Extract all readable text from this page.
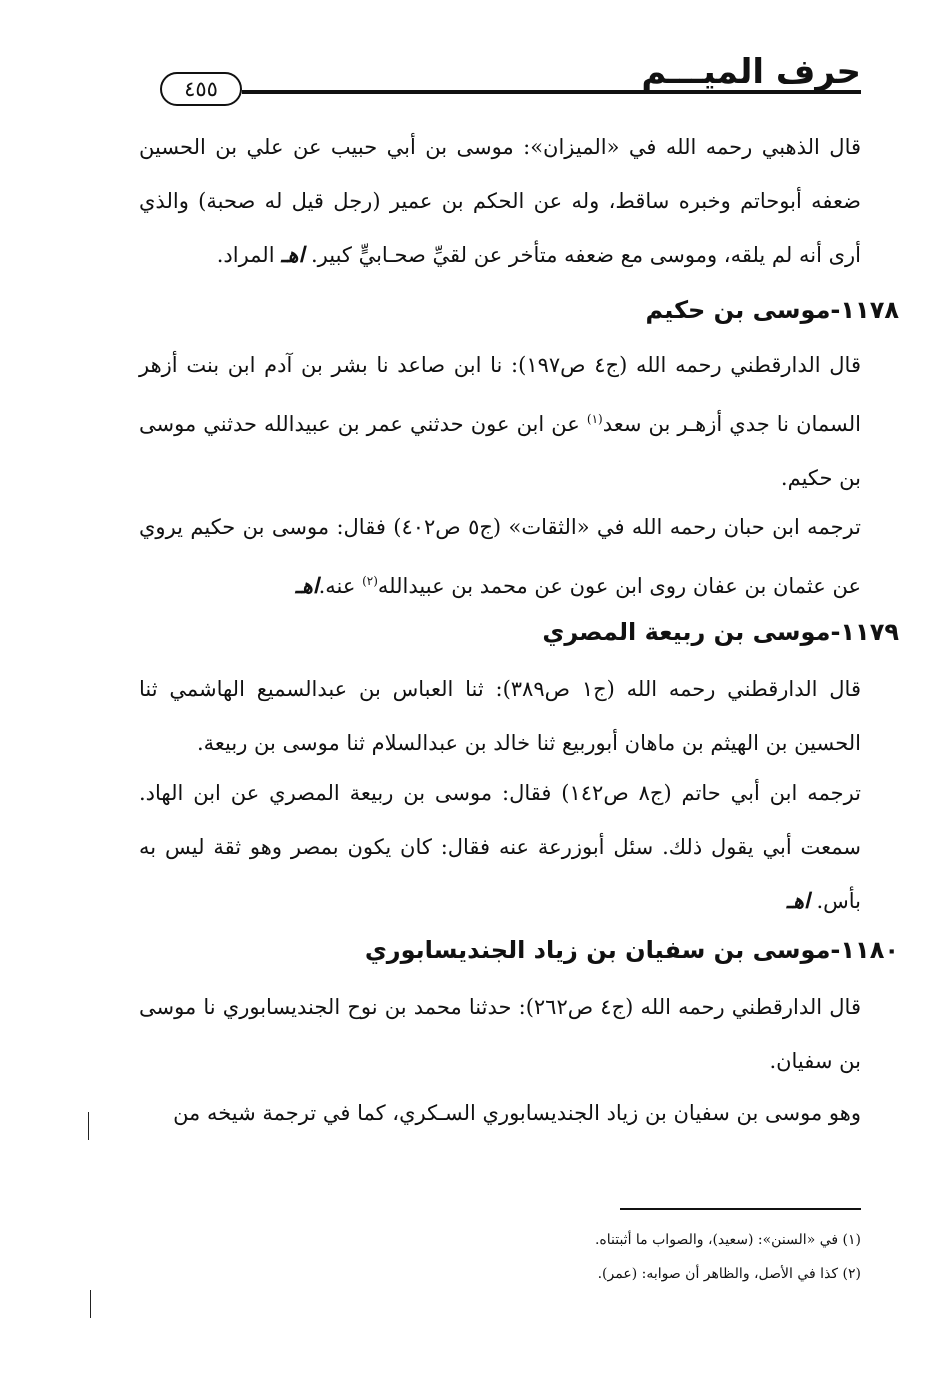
حرف الميـــم
٤٥٥
قال الذهبي رحمه الله في «الميزان»: موسى بن أبي حبيب عن علي بن الحسين ضعفه أبوحاتم وخبره ساقط، وله عن الحكم بن عمير (رجل قيل له صحبة) والذي أرى أنه لم يلقه، وموسى مع ضعفه متأخر عن لقيِّ صحـابيٍّ كبير. اهـ المراد.
١١٧٨-موسى بن حكيم
قال الدارقطني رحمه الله (ج٤ ص١٩٧): نا ابن صاعد نا بشر بن آدم ابن بنت أزهر السمان نا جدي أزهـر بن سعد$^{(١)}$ عن ابن عون حدثني عمر بن عبيدالله حدثني موسى بن حكيم.
ترجمه ابن حبان رحمه الله في «الثقات» (ج٥ ص٤٠٢) فقال: موسى بن حكيم يروي عن عثمان بن عفان روى ابن عون عن محمد بن عبيدالله$^{(٢)}$ عنه.اهـ
١١٧٩-موسى بن ربيعة المصري
قال الدارقطني رحمه الله (ج١ ص٣٨٩): ثنا العباس بن عبدالسميع الهاشمي ثنا الحسين بن الهيثم بن ماهان أبوربيع ثنا خالد بن عبدالسلام ثنا موسى بن ربيعة.
ترجمه ابن أبي حاتم (ج٨ ص١٤٢) فقال: موسى بن ربيعة المصري عن ابن الهاد. سمعت أبي يقول ذلك. سئل أبوزرعة عنه فقال: كان يكون بمصر وهو ثقة ليس به بأس. اهـ
١١٨٠-موسى بن سفيان بن زياد الجنديسابوري
قال الدارقطني رحمه الله (ج٤ ص٢٦٢): حدثنا محمد بن نوح الجنديسابوري نا موسى بن سفيان.
وهو موسى بن سفيان بن زياد الجنديسابوري السـكري، كما في ترجمة شيخه من
(١) في «السنن»: (سعيد)، والصواب ما أثبتناه.
(٢) كذا في الأصل، والظاهر أن صوابه: (عمر).
